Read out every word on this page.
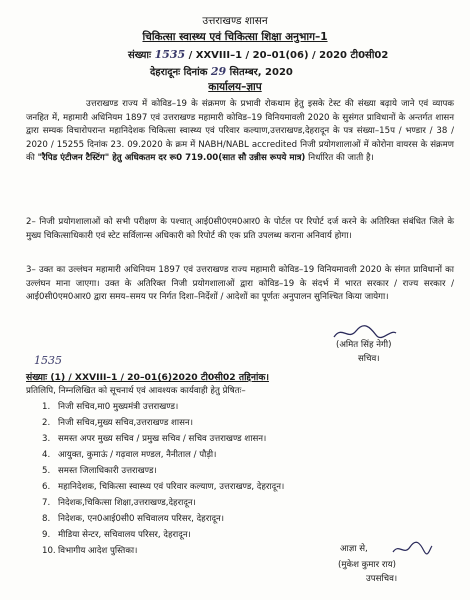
उत्तराखण्ड शासन
चिकित्सा स्वास्थ्य एवं चिकित्सा शिक्षा अनुभाग–1
संख्याः 1535 / XXVIII–1 / 20–01(06) / 2020 टी0सी02
देहरादूनः दिनांक 29 सितम्बर, 2020
कार्यालय–ज्ञाप
उत्तराखण्ड राज्य में कोविड–19 के संक्रमण के प्रभावी रोकथाम हेतु इसके टेस्ट की संख्या बढ़ाये जाने एवं व्यापक जनहित में, महामारी अधिनियम 1897 एवं उत्तराखण्ड महामारी कोविड–19 विनियमावली 2020 के सुसंगत प्राविधानों के अन्तर्गत शासन द्वारा सम्यक विचारोपरान्त महानिदेशक चिकित्सा स्वास्थ्य एवं परिवार कल्याण,उत्तराखण्ड,देहरादून के पत्र संख्या–15प / भण्डार / 38 / 2020 / 15255 दिनांक 23. 09.2020 के क्रम में NABH/NABL accredited निजी प्रयोगशालाओं में कोरोना वायरस के संक्रमण की "रैपिड एंटीजन टैस्टिंग" हेतु अधिकतम दर रू0 719.00(सात सौ उन्नीस रूपये मात्र) निर्धारित की जाती है।
2– निजी प्रयोगशालाओं को सभी परीक्षण के पश्चात् आई0सी0एम0आर0 के पोर्टल पर रिपोर्ट दर्ज करने के अतिरिक्त संबंधित जिले के मुख्य चिकित्साधिकारी एवं स्टेट सर्विलान्स अधिकारी को रिपोर्ट की एक प्रति उपलब्ध कराना अनिवार्य होगा।
3– उक्त का उल्लंघन महामारी अधिनियम 1897 एवं उत्तराखण्ड राज्य महामारी कोविड–19 विनियमावली 2020 के संगत प्राविधानों का उल्लंघन माना जाएगा। उक्त के अतिरिक्त निजी प्रयोगशालाओं द्वारा कोविड–19 के संदर्भ में भारत सरकार / राज्य सरकार / आई0सी0एम0आर0 द्वारा समय–समय पर निर्गत दिशा–निर्देशों / आदेशों का पूर्णतः अनुपालन सुनिश्चित किया जायेगा।
(अमित सिंह नेगी)
सचिव।
1535
संख्याः (1) / XXVIII–1 / 20–01(6)2020 टी0सी02 तद्दिनांक।
प्रतिलिपि, निम्नलिखित को सूचनार्थ एवं आवश्यक कार्यवाही हेतु प्रेषितः–
1. निजी सचिव,मा0 मुख्यमंत्री उत्तराखण्ड।
2. निजी सचिव,मुख्य सचिव,उत्तराखण्ड शासन।
3. समस्त अपर मुख्य सचिव / प्रमुख सचिव / सचिव उत्तराखण्ड शासन।
4. आयुक्त, कुमाऊं / गढ़वाल मण्डल, नैनीताल / पौड़ी।
5. समस्त जिलाधिकारी उत्तराखण्ड।
6. महानिदेशक, चिकित्सा स्वास्थ्य एवं परिवार कल्याण, उत्तराखण्ड, देहरादून।
7. निदेशक,चिकित्सा शिक्षा,उत्तराखण्ड,देहरादून।
8. निदेशक, एन0आई0सी0 सचिवालय परिसर, देहरादून।
9. मीडिया सेन्टर, सचिवालय परिसर, देहरादून।
10. विभागीय आदेश पुस्तिका।	आज्ञा से,
(मुकेश कुमार राय)
उपसचिव।
